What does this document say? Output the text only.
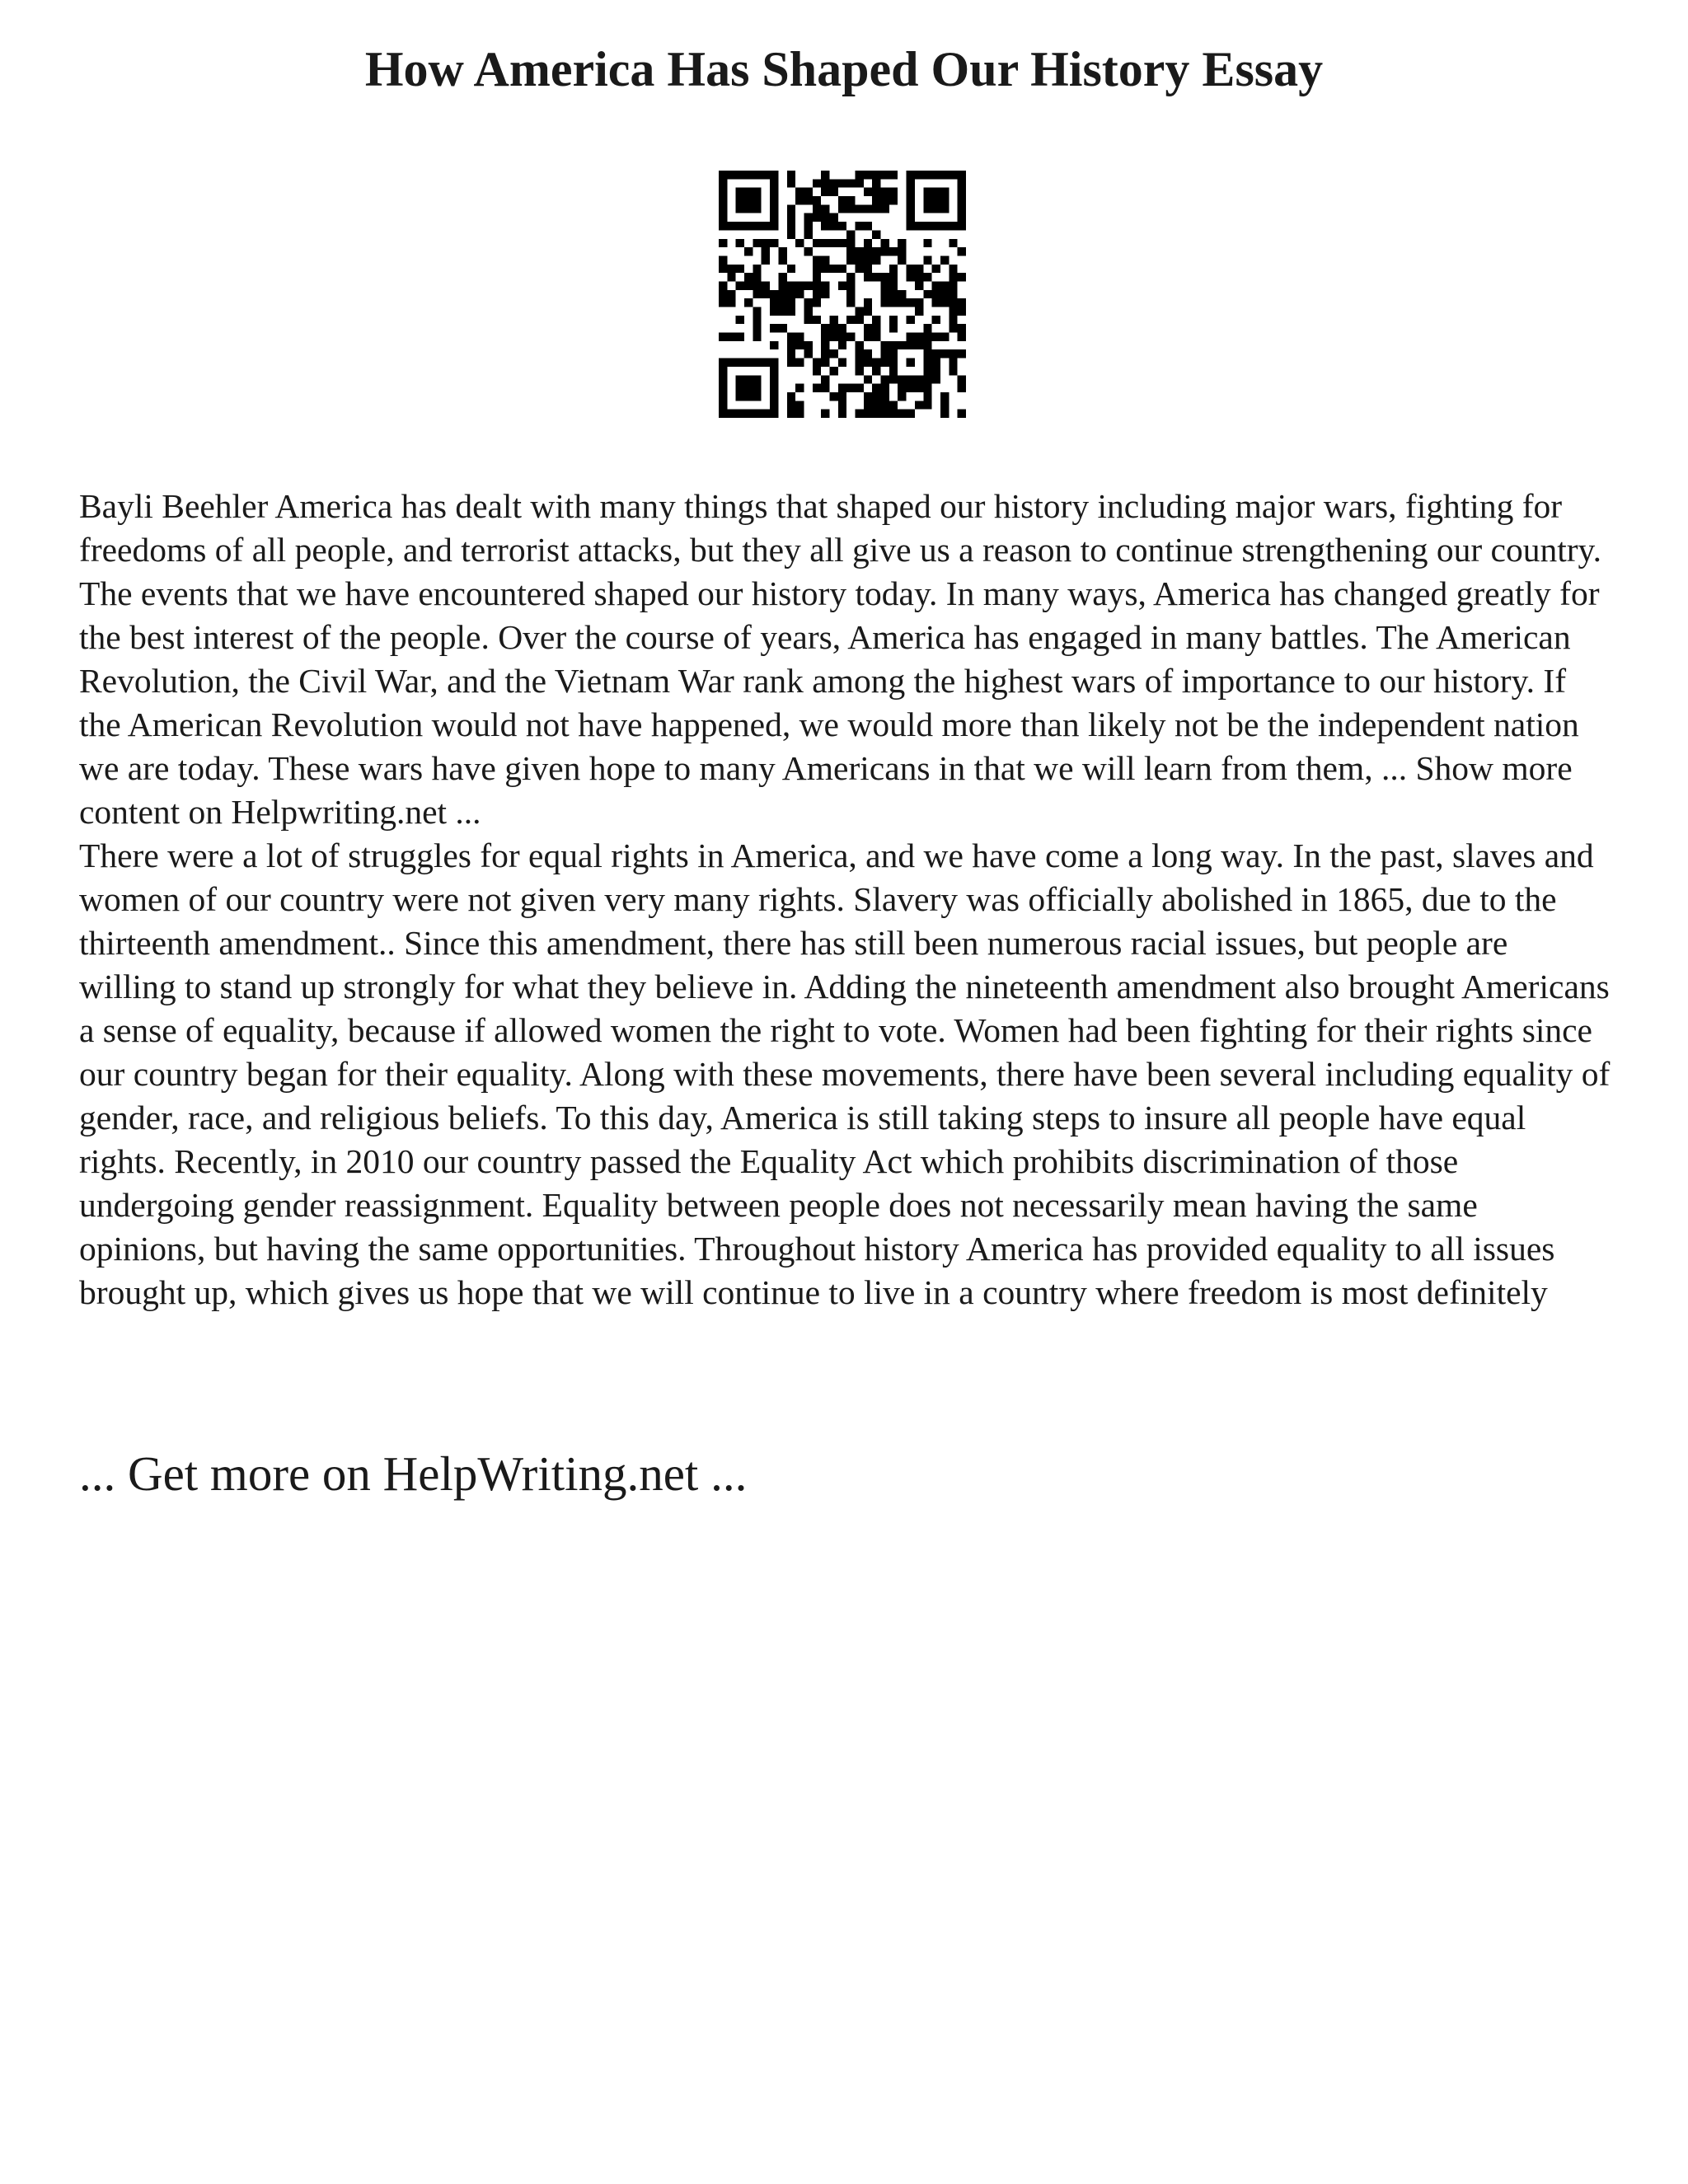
How America Has Shaped Our History Essay

Bayli Beehler America has dealt with many things that shaped our history including major wars, fighting for freedoms of all people, and terrorist attacks, but they all give us a reason to continue strengthening our country. The events that we have encountered shaped our history today. In many ways, America has changed greatly for the best interest of the people. Over the course of years, America has engaged in many battles. The American Revolution, the Civil War, and the Vietnam War rank among the highest wars of importance to our history. If the American Revolution would not have happened, we would more than likely not be the independent nation we are today. These wars have given hope to many Americans in that we will learn from them, ... Show more content on Helpwriting.net ...

There were a lot of struggles for equal rights in America, and we have come a long way. In the past, slaves and women of our country were not given very many rights. Slavery was officially abolished in 1865, due to the thirteenth amendment.. Since this amendment, there has still been numerous racial issues, but people are willing to stand up strongly for what they believe in. Adding the nineteenth amendment also brought Americans a sense of equality, because if allowed women the right to vote. Women had been fighting for their rights since our country began for their equality. Along with these movements, there have been several including equality of gender, race, and religious beliefs. To this day, America is still taking steps to insure all people have equal rights. Recently, in 2010 our country passed the Equality Act which prohibits discrimination of those undergoing gender reassignment. Equality between people does not necessarily mean having the same opinions, but having the same opportunities. Throughout history America has provided equality to all issues brought up, which gives us hope that we will continue to live in a country where freedom is most definitely

... Get more on HelpWriting.net ...
